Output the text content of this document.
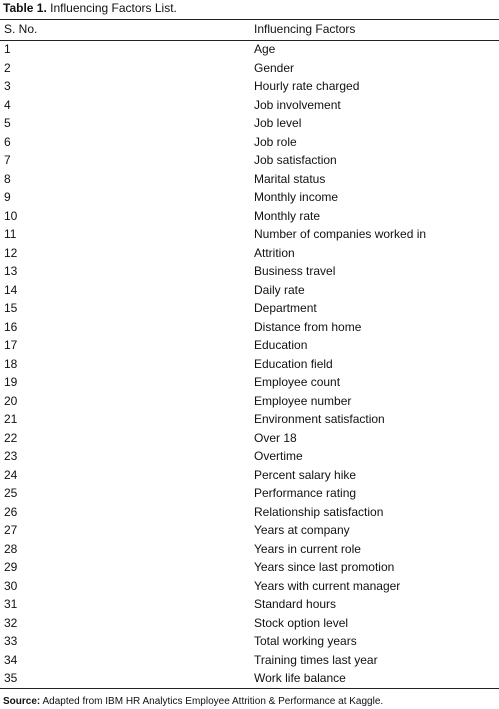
Table 1. Influencing Factors List.
S. No.	Influencing Factors
1	Age
2	Gender
3	Hourly rate charged
4	Job involvement
5	Job level
6	Job role
7	Job satisfaction
8	Marital status
9	Monthly income
10	Monthly rate
11	Number of companies worked in
12	Attrition
13	Business travel
14	Daily rate
15	Department
16	Distance from home
17	Education
18	Education field
19	Employee count
20	Employee number
21	Environment satisfaction
22	Over 18
23	Overtime
24	Percent salary hike
25	Performance rating
26	Relationship satisfaction
27	Years at company
28	Years in current role
29	Years since last promotion
30	Years with current manager
31	Standard hours
32	Stock option level
33	Total working years
34	Training times last year
35	Work life balance
Source: Adapted from IBM HR Analytics Employee Attrition & Performance at Kaggle.
